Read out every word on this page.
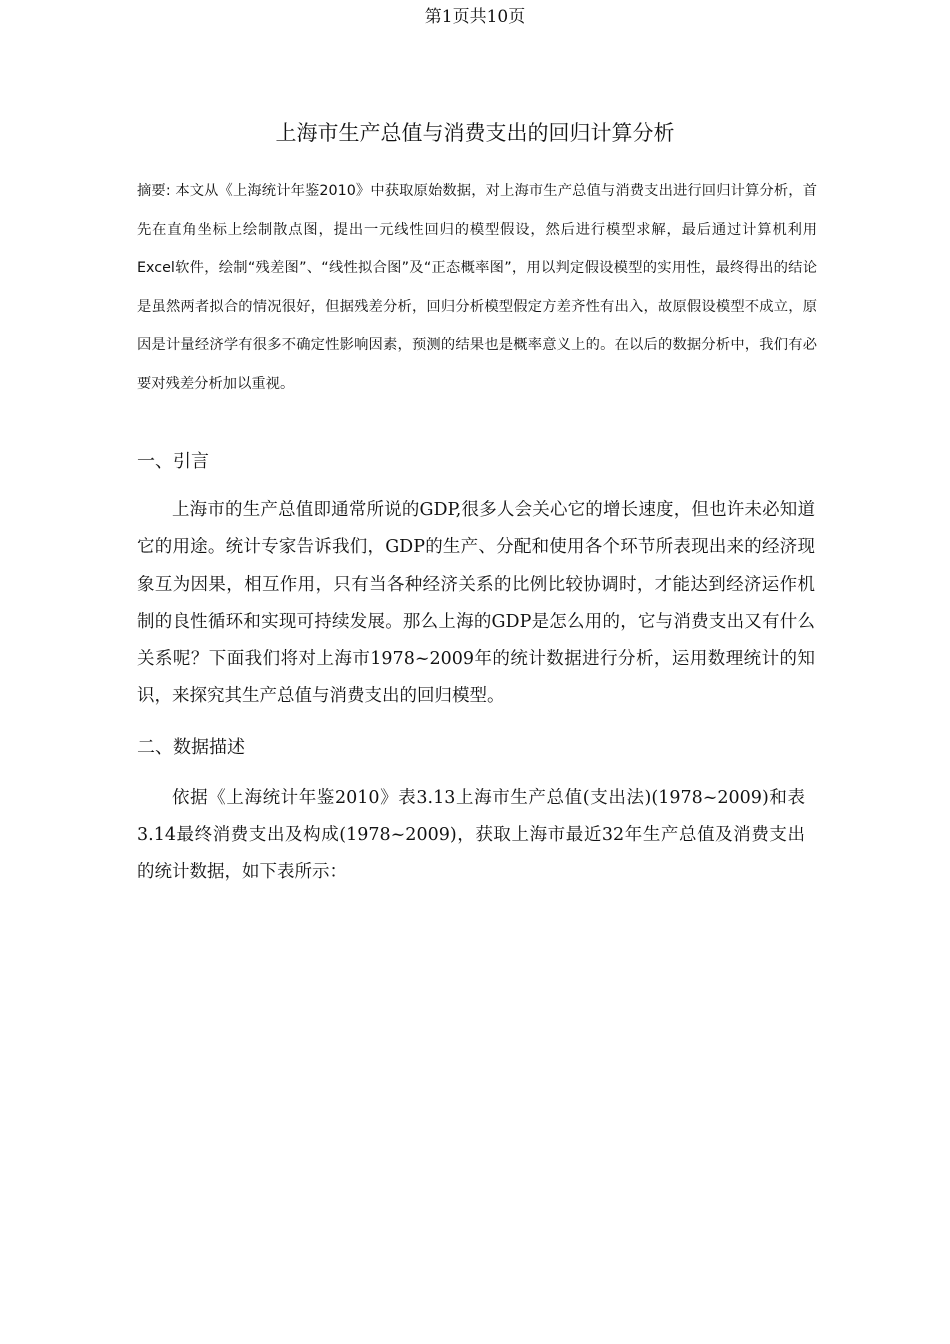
第1页共10页
上海市生产总值与消费支出的回归计算分析
摘要: 本文从《上海统计年鉴2010》中获取原始数据，对上海市生产总值与消费支出进行回归计算分析，首先在直角坐标上绘制散点图，提出一元线性回归的模型假设，然后进行模型求解，最后通过计算机利用Excel软件，绘制“残差图”、“线性拟合图”及“正态概率图”，用以判定假设模型的实用性，最终得出的结论是虽然两者拟合的情况很好，但据残差分析，回归分析模型假定方差齐性有出入，故原假设模型不成立，原因是计量经济学有很多不确定性影响因素，预测的结果也是概率意义上的。在以后的数据分析中，我们有必要对残差分析加以重视。
一、引言
上海市的生产总值即通常所说的GDP,很多人会关心它的增长速度，但也许未必知道它的用途。统计专家告诉我们，GDP的生产、分配和使用各个环节所表现出来的经济现象互为因果，相互作用，只有当各种经济关系的比例比较协调时，才能达到经济运作机制的良性循环和实现可持续发展。那么上海的GDP是怎么用的，它与消费支出又有什么关系呢？下面我们将对上海市1978~2009年的统计数据进行分析，运用数理统计的知识，来探究其生产总值与消费支出的回归模型。
二、数据描述
依据《上海统计年鉴2010》表3.13上海市生产总值(支出法)(1978~2009)和表3.14最终消费支出及构成(1978~2009)，获取上海市最近32年生产总值及消费支出的统计数据，如下表所示：
